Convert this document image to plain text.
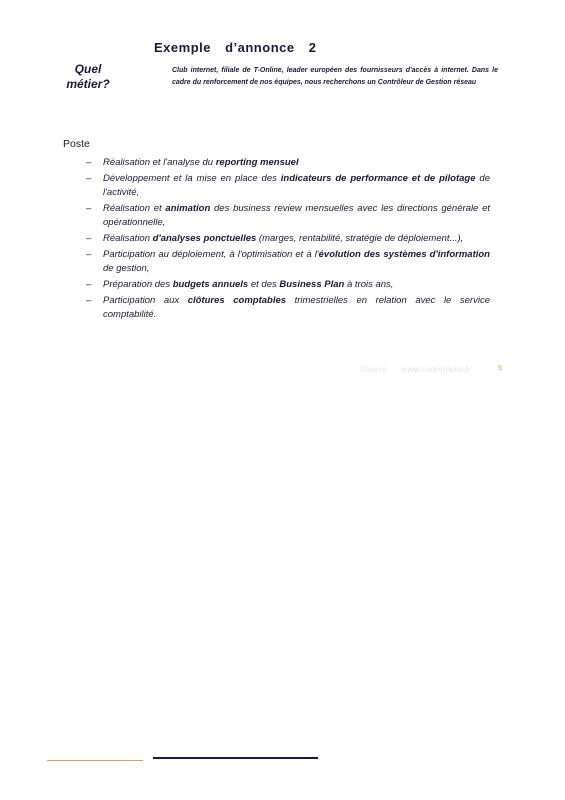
Exemple d’annonce 2
Quel
métier?
Club internet, filiale de T-Online, leader européen des fournisseurs d'accès à internet. Dans le cadre du renforcement de nos équipes, nous recherchons un Contrôleur de Gestion réseau
Poste
– Réalisation et l'analyse du reporting mensuel
– Développement et la mise en place des indicateurs de performance et de pilotage de l'activité,
– Réalisation et animation des business review mensuelles avec les directions générale et opérationnelle,
– Réalisation d'analyses ponctuelles (marges, rentabilité, stratégie de déploiement...),
– Participation au déploiement, à l'optimisation et à l'évolution des systèmes d'information de gestion,
– Préparation des budgets annuels et des Business Plan à trois ans,
– Participation aux clôtures comptables trimestrielles en relation avec le service comptabilité.
Source www.cadremploi.fr	5
